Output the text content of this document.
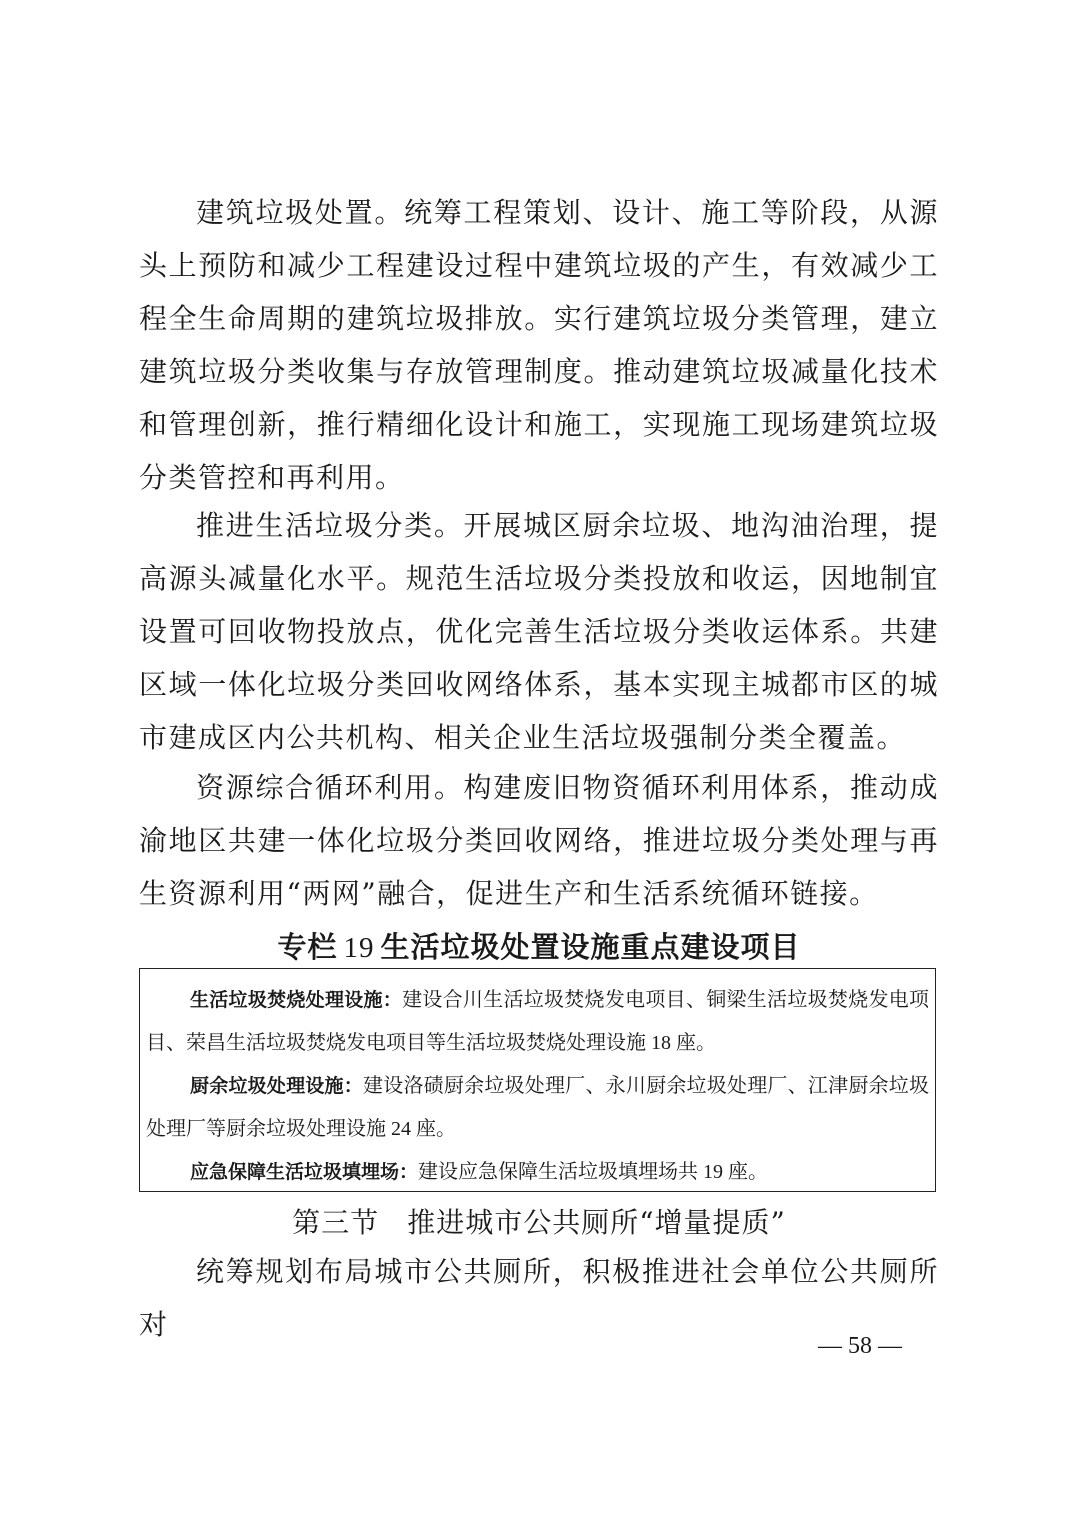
建筑垃圾处置。统筹工程策划、设计、施工等阶段，从源头上预防和减少工程建设过程中建筑垃圾的产生，有效减少工程全生命周期的建筑垃圾排放。实行建筑垃圾分类管理，建立建筑垃圾分类收集与存放管理制度。推动建筑垃圾减量化技术和管理创新，推行精细化设计和施工，实现施工现场建筑垃圾分类管控和再利用。

推进生活垃圾分类。开展城区厨余垃圾、地沟油治理，提高源头减量化水平。规范生活垃圾分类投放和收运，因地制宜设置可回收物投放点，优化完善生活垃圾分类收运体系。共建区域一体化垃圾分类回收网络体系，基本实现主城都市区的城市建成区内公共机构、相关企业生活垃圾强制分类全覆盖。

资源综合循环利用。构建废旧物资循环利用体系，推动成渝地区共建一体化垃圾分类回收网络，推进垃圾分类处理与再生资源利用“两网”融合，促进生产和生活系统循环链接。

专栏 19 生活垃圾处置设施重点建设项目

生活垃圾焚烧处理设施：建设合川生活垃圾焚烧发电项目、铜梁生活垃圾焚烧发电项目、荣昌生活垃圾焚烧发电项目等生活垃圾焚烧处理设施 18 座。

厨余垃圾处理设施：建设洛碛厨余垃圾处理厂、永川厨余垃圾处理厂、江津厨余垃圾处理厂等厨余垃圾处理设施 24 座。

应急保障生活垃圾填埋场：建设应急保障生活垃圾填埋场共 19 座。

第三节 推进城市公共厕所“增量提质”

统筹规划布局城市公共厕所，积极推进社会单位公共厕所对

— 58 —
